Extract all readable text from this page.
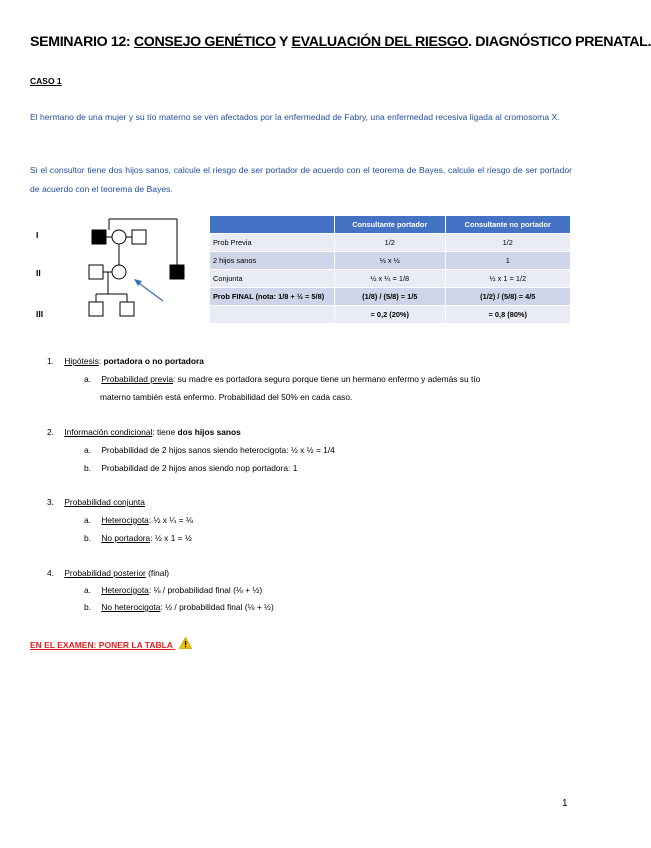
SEMINARIO 12: CONSEJO GENÉTICO Y EVALUACIÓN DEL RIESGO. DIAGNÓSTICO PRENATAL.
CASO 1
El hermano de una mujer y su tío materno se ven afectados por la enfermedad de Fabry, una enfermedad recesiva ligada al cromosoma X.
Si el consultor tiene dos hijos sanos, calcule el riesgo de ser portador de acuerdo con el teorema de Bayes, calcule el riesgo de ser portador de acuerdo con el teorema de Bayes.
I
II
III
	Consultante portador	Consultante no portador
Prob Previa	1/2	1/2
2 hijos sanos	½ x ½	1
Conjunta	½ x ¼ = 1/8	½ x 1 = 1/2
Prob FINAL (nota: 1/8 + ½ = 5/8)	(1/8) / (5/8) = 1/5	(1/2) / (5/8) = 4/5
	= 0,2 (20%)	= 0,8 (80%)
1. Hipótesis: portadora o no portadora
a. Probabilidad previa: su madre es portadora seguro porque tiene un hermano enfermo y además su tío
materno también está enfermo. Probabilidad del 50% en cada caso.
2. Información condicional: tiene dos hijos sanos
a. Probabilidad de 2 hijos sanos siendo heterocigota: ½ x ½ = 1/4
b. Probabilidad de 2 hijos anos siendo nop portadora: 1
3. Probabilidad conjunta
a. Heterocigota: ½ x ¼ = ⅛
b. No portadora: ½ x 1 = ½
4. Probabilidad posterior (final)
a. Heterocigota: ⅛ / probabilidad final (⅛ + ½)
b. No heterocigota: ½ / probabilidad final (⅛ + ½)
EN EL EXAMEN: PONER LA TABLA
1
